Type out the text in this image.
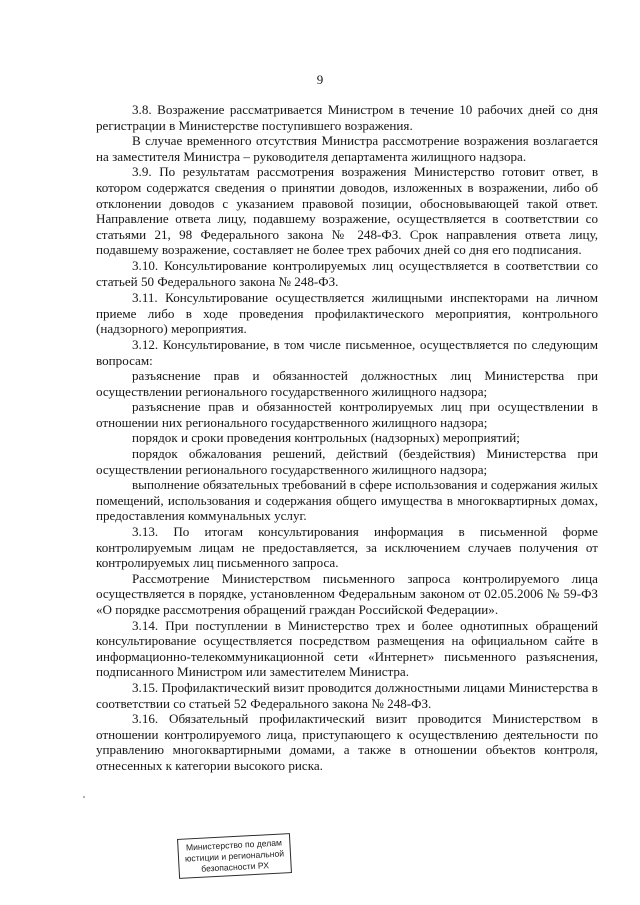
9

3.8. Возражение рассматривается Министром в течение 10 рабочих дней со дня регистрации в Министерстве поступившего возражения.

В случае временного отсутствия Министра рассмотрение возражения возлагается на заместителя Министра – руководителя департамента жилищного надзора.

3.9. По результатам рассмотрения возражения Министерство готовит ответ, в котором содержатся сведения о принятии доводов, изложенных в возражении, либо об отклонении доводов с указанием правовой позиции, обосновывающей такой ответ. Направление ответа лицу, подавшему возражение, осуществляется в соответствии со статьями 21, 98 Федерального закона № 248-ФЗ. Срок направления ответа лицу, подавшему возражение, составляет не более трех рабочих дней со дня его подписания.

3.10. Консультирование контролируемых лиц осуществляется в соответствии со статьей 50 Федерального закона № 248-ФЗ.

3.11. Консультирование осуществляется жилищными инспекторами на личном приеме либо в ходе проведения профилактического мероприятия, контрольного (надзорного) мероприятия.

3.12. Консультирование, в том числе письменное, осуществляется по следующим вопросам:

разъяснение прав и обязанностей должностных лиц Министерства при осуществлении регионального государственного жилищного надзора;

разъяснение прав и обязанностей контролируемых лиц при осуществлении в отношении них регионального государственного жилищного надзора;

порядок и сроки проведения контрольных (надзорных) мероприятий;

порядок обжалования решений, действий (бездействия) Министерства при осуществлении регионального государственного жилищного надзора;

выполнение обязательных требований в сфере использования и содержания жилых помещений, использования и содержания общего имущества в многоквартирных домах, предоставления коммунальных услуг.

3.13. По итогам консультирования информация в письменной форме контролируемым лицам не предоставляется, за исключением случаев получения от контролируемых лиц письменного запроса.

Рассмотрение Министерством письменного запроса контролируемого лица осуществляется в порядке, установленном Федеральным законом от 02.05.2006 № 59-ФЗ «О порядке рассмотрения обращений граждан Российской Федерации».

3.14. При поступлении в Министерство трех и более однотипных обращений консультирование осуществляется посредством размещения на официальном сайте в информационно-телекоммуникационной сети «Интернет» письменного разъяснения, подписанного Министром или заместителем Министра.

3.15. Профилактический визит проводится должностными лицами Министерства в соответствии со статьей 52 Федерального закона № 248-ФЗ.

3.16. Обязательный профилактический визит проводится Министерством в отношении контролируемого лица, приступающего к осуществлению деятельности по управлению многоквартирными домами, а также в отношении объектов контроля, отнесенных к категории высокого риска.

Министерство по делам
юстиции и региональной
безопасности РХ
